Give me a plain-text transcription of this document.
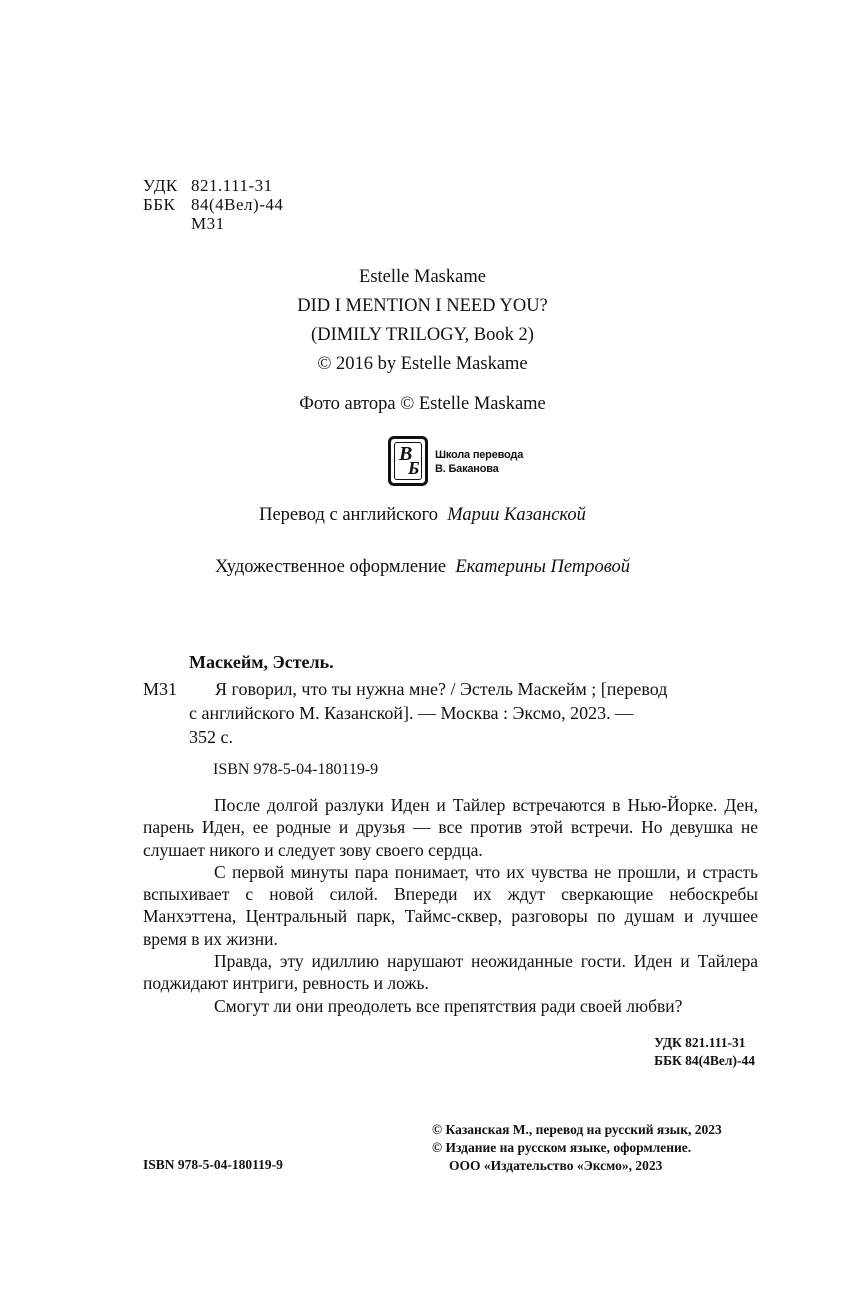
УДК 821.111-31
ББК 84(4Вел)-44
М31
Estelle Maskame
DID I MENTION I NEED YOU?
(DIMILY TRILOGY, Book 2)
© 2016 by Estelle Maskame
Фото автора © Estelle Maskame
В
Б
Школа перевода
В. Баканова
Перевод с английского Марии Казанской
Художественное оформление Екатерины Петровой
Маскейм, Эстель.
М31 Я говорил, что ты нужна мне? / Эстель Маскейм ; [перевод
с английского М. Казанской]. — Москва : Эксмо, 2023. —
352 с.
ISBN 978-5-04-180119-9

После долгой разлуки Иден и Тайлер встречаются в Нью-Йорке. Ден, парень Иден, ее родные и друзья — все против этой встречи. Но девушка не слушает никого и следует зову своего сердца.

С первой минуты пара понимает, что их чувства не прошли, и страсть вспыхивает с новой силой. Впереди их ждут сверкающие небоскребы Манхэттена, Центральный парк, Таймс-сквер, разговоры по душам и лучшее время в их жизни.

Правда, эту идиллию нарушают неожиданные гости. Иден и Тайлера поджидают интриги, ревность и ложь.

Смогут ли они преодолеть все препятствия ради своей любви?

УДК 821.111-31
ББК 84(4Вел)-44
ISBN 978-5-04-180119-9
© Казанская М., перевод на русский язык, 2023
© Издание на русском языке, оформление.
ООО «Издательство «Эксмо», 2023
